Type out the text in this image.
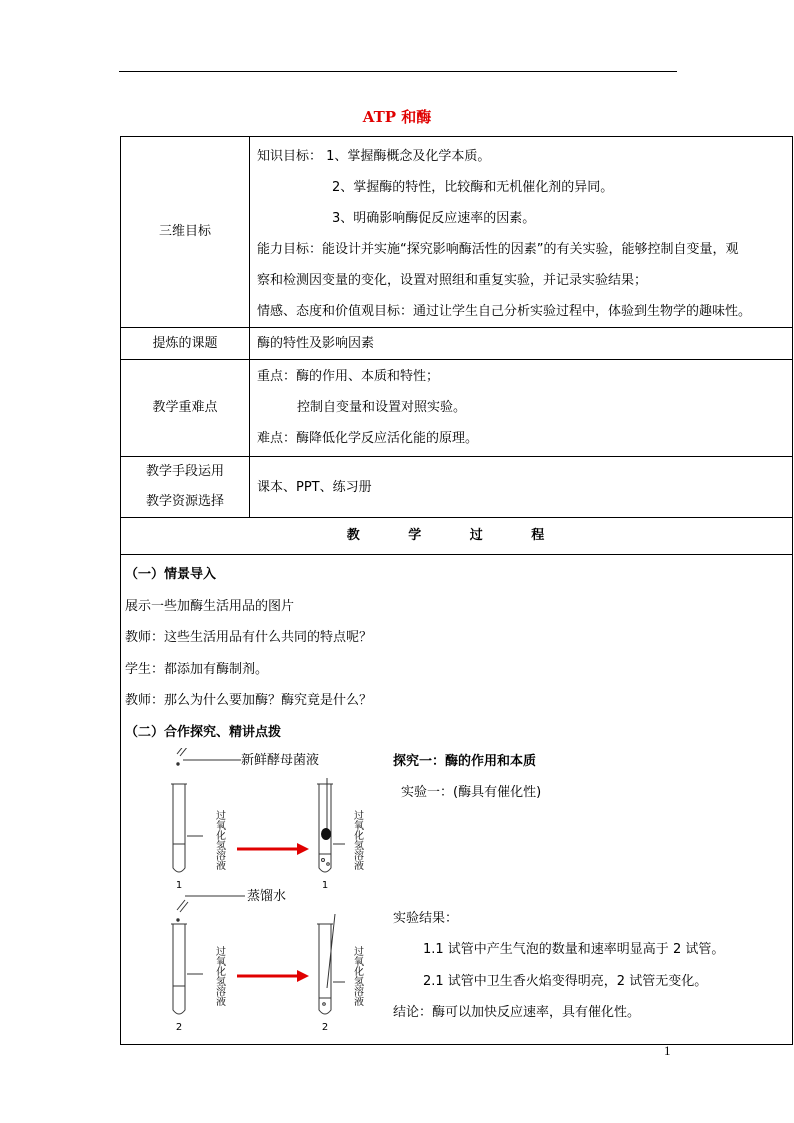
ATP 和酶
三维目标
知识目标： 1、掌握酶概念及化学本质。
2、掌握酶的特性，比较酶和无机催化剂的异同。
3、明确影响酶促反应速率的因素。
能力目标：能设计并实施“探究影响酶活性的因素”的有关实验，能够控制自变量，观
察和检测因变量的变化，设置对照组和重复实验，并记录实验结果；
情感、态度和价值观目标：通过让学生自己分析实验过程中，体验到生物学的趣味性。
提炼的课题	酶的特性及影响因素
教学重难点
重点：酶的作用、本质和特性；
控制自变量和设置对照实验。
难点：酶降低化学反应活化能的原理。
教学手段运用
教学资源选择
课本、PPT、练习册
教 学 过 程
（一）情景导入
展示一些加酶生活用品的图片
教师：这些生活用品有什么共同的特点呢？
学生：都添加有酶制剂。
教师：那么为什么要加酶？酶究竟是什么？
（二）合作探究、精讲点拨
新鲜酵母菌液
1
过氧化氢溶液
1
过氧化氢溶液
蒸馏水
2
过氧化氢溶液
2
过氧化氢溶液
探究一：酶的作用和本质
实验一：(酶具有催化性)
实验结果：
1.1 试管中产生气泡的数量和速率明显高于 2 试管。
2.1 试管中卫生香火焰变得明亮，2 试管无变化。
结论：酶可以加快反应速率，具有催化性。
1
